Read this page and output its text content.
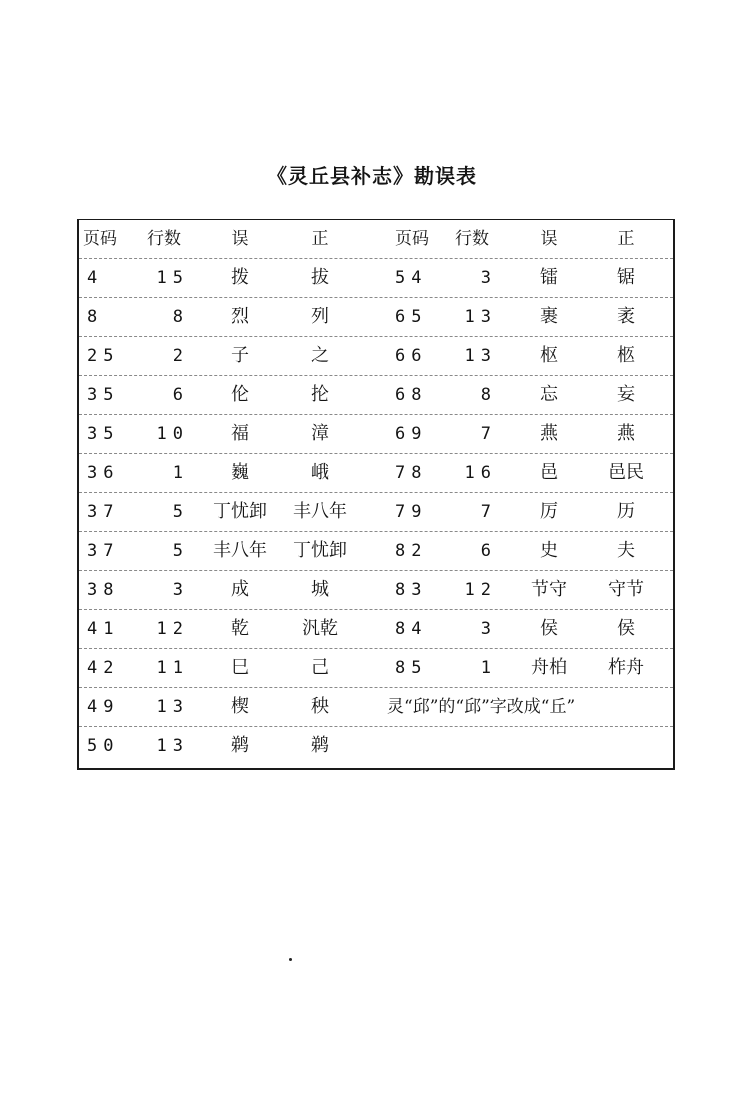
《灵丘县补志》勘误表
页码	行数	误	正	页码	行数	误	正
4	15	拨	拔	54	3	镭	锯
8	8	烈	列	65	13	裹	袤
25	2	子	之	66	13	枢	柩
35	6	伦	抡	68	8	忘	妄
35	10	福	漳	69	7	燕	燕
36	1	巍	峨	78	16	邑	邑民
37	5	丁忧卸	丰八年	79	7	厉	历
37	5	丰八年	丁忧卸	82	6	史	夫
38	3	成	城	83	12	节守	守节
41	12	乾	汎乾	84	3	侯	侯
42	11	巳	己	85	1	舟柏	柞舟
49	13	楔	秧	灵“邱”的“邱”字改成“丘”
50	13	鹈	鹈
